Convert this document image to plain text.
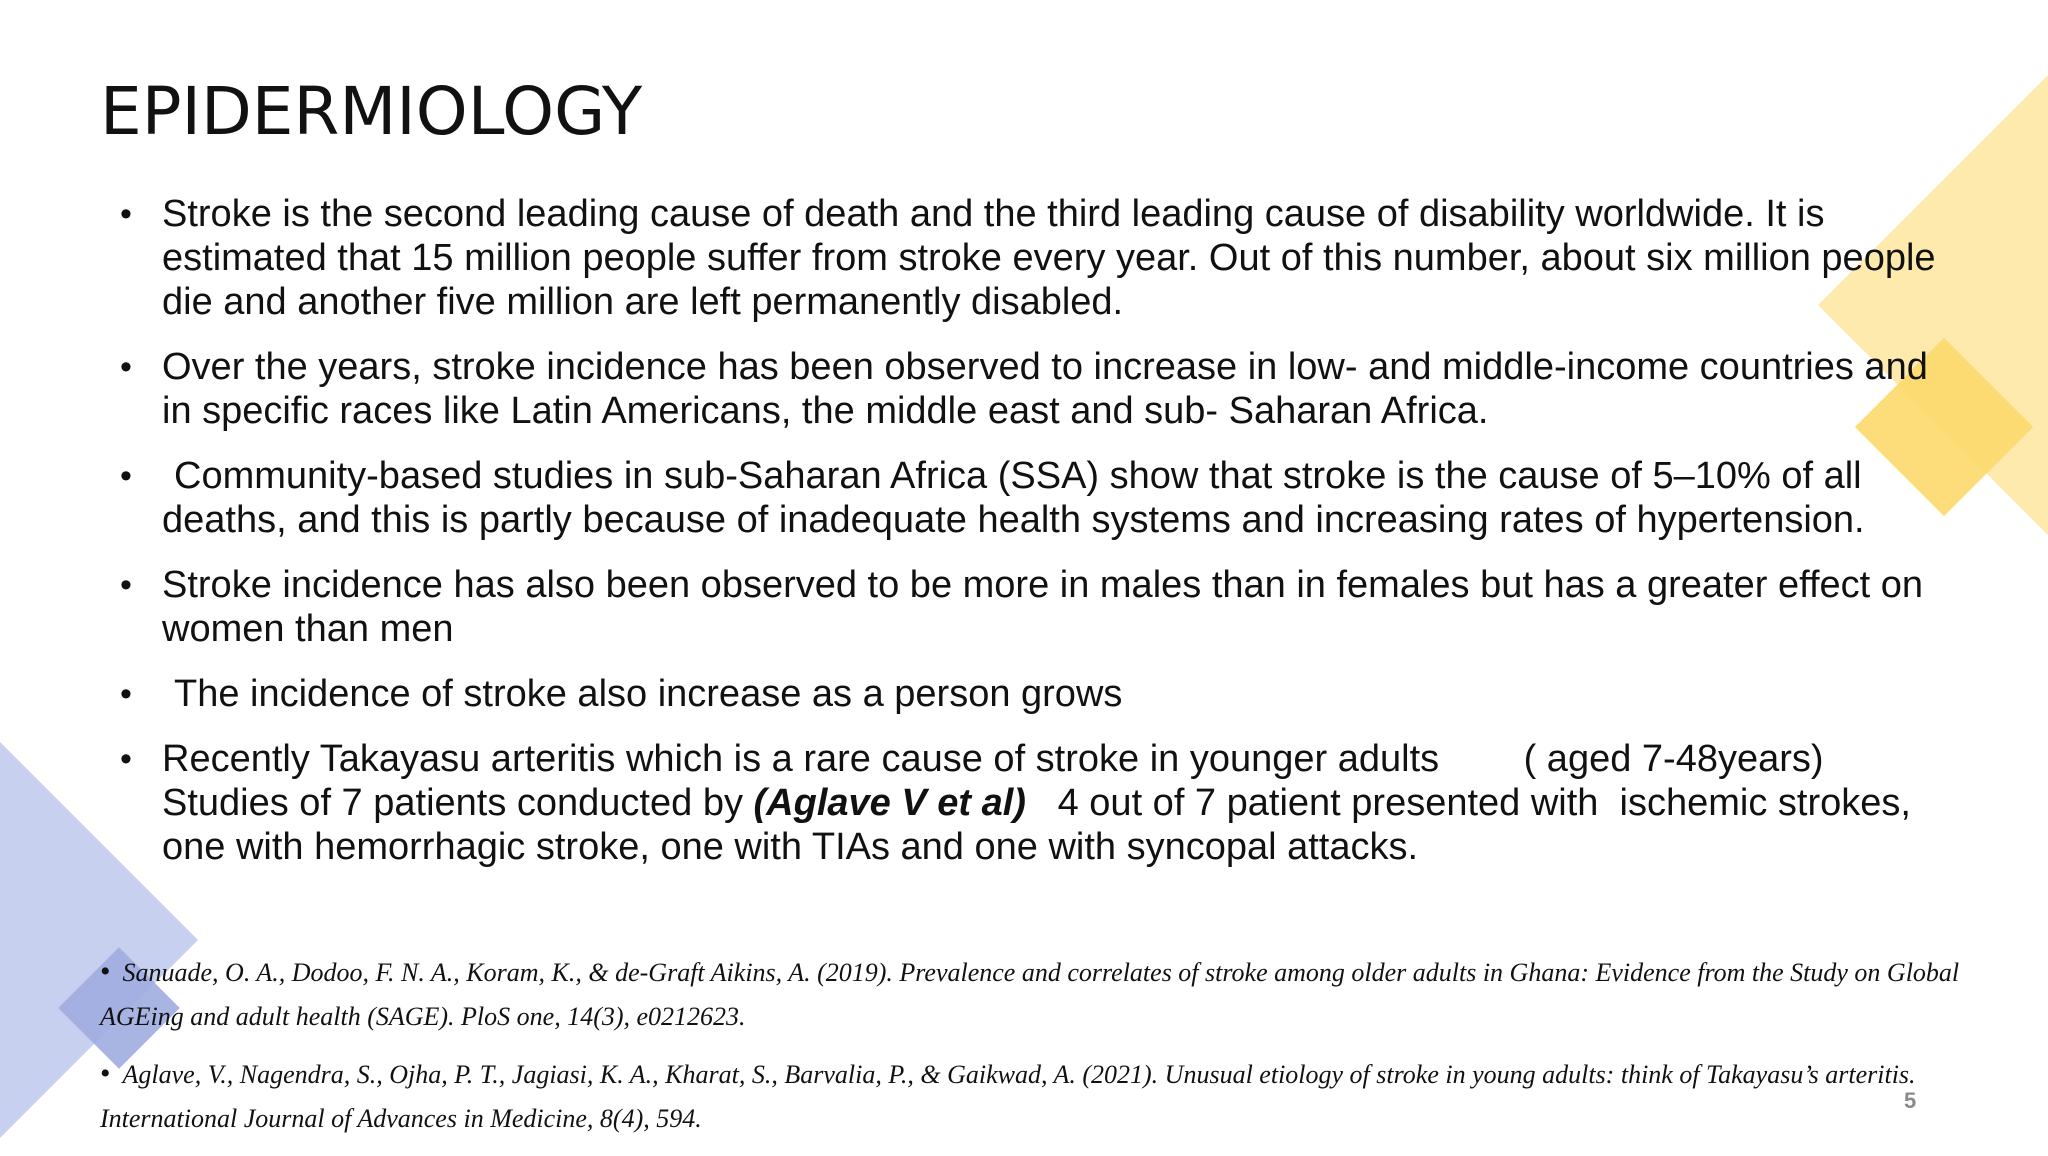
EPIDERMIOLOGY
• Stroke is the second leading cause of death and the third leading cause of disability worldwide. It is estimated that 15 million people suffer from stroke every year. Out of this number, about six million people die and another five million are left permanently disabled.
• Over the years, stroke incidence has been observed to increase in low- and middle-income countries and in specific races like Latin Americans, the middle east and sub- Saharan Africa.
• Community-based studies in sub-Saharan Africa (SSA) show that stroke is the cause of 5–10% of all deaths, and this is partly because of inadequate health systems and increasing rates of hypertension.
• Stroke incidence has also been observed to be more in males than in females but has a greater effect on women than men
• The incidence of stroke also increase as a person grows
• Recently Takayasu arteritis which is a rare cause of stroke in younger adults        ( aged 7-48years) Studies of 7 patients conducted by (Aglave V et al)   4 out of 7 patient presented with  ischemic strokes, one with hemorrhagic stroke, one with TIAs and one with syncopal attacks.
• Sanuade, O. A., Dodoo, F. N. A., Koram, K., & de-Graft Aikins, A. (2019). Prevalence and correlates of stroke among older adults in Ghana: Evidence from the Study on Global AGEing and adult health (SAGE). PloS one, 14(3), e0212623.
• Aglave, V., Nagendra, S., Ojha, P. T., Jagiasi, K. A., Kharat, S., Barvalia, P., & Gaikwad, A. (2021). Unusual etiology of stroke in young adults: think of Takayasu’s arteritis. International Journal of Advances in Medicine, 8(4), 594.
5
